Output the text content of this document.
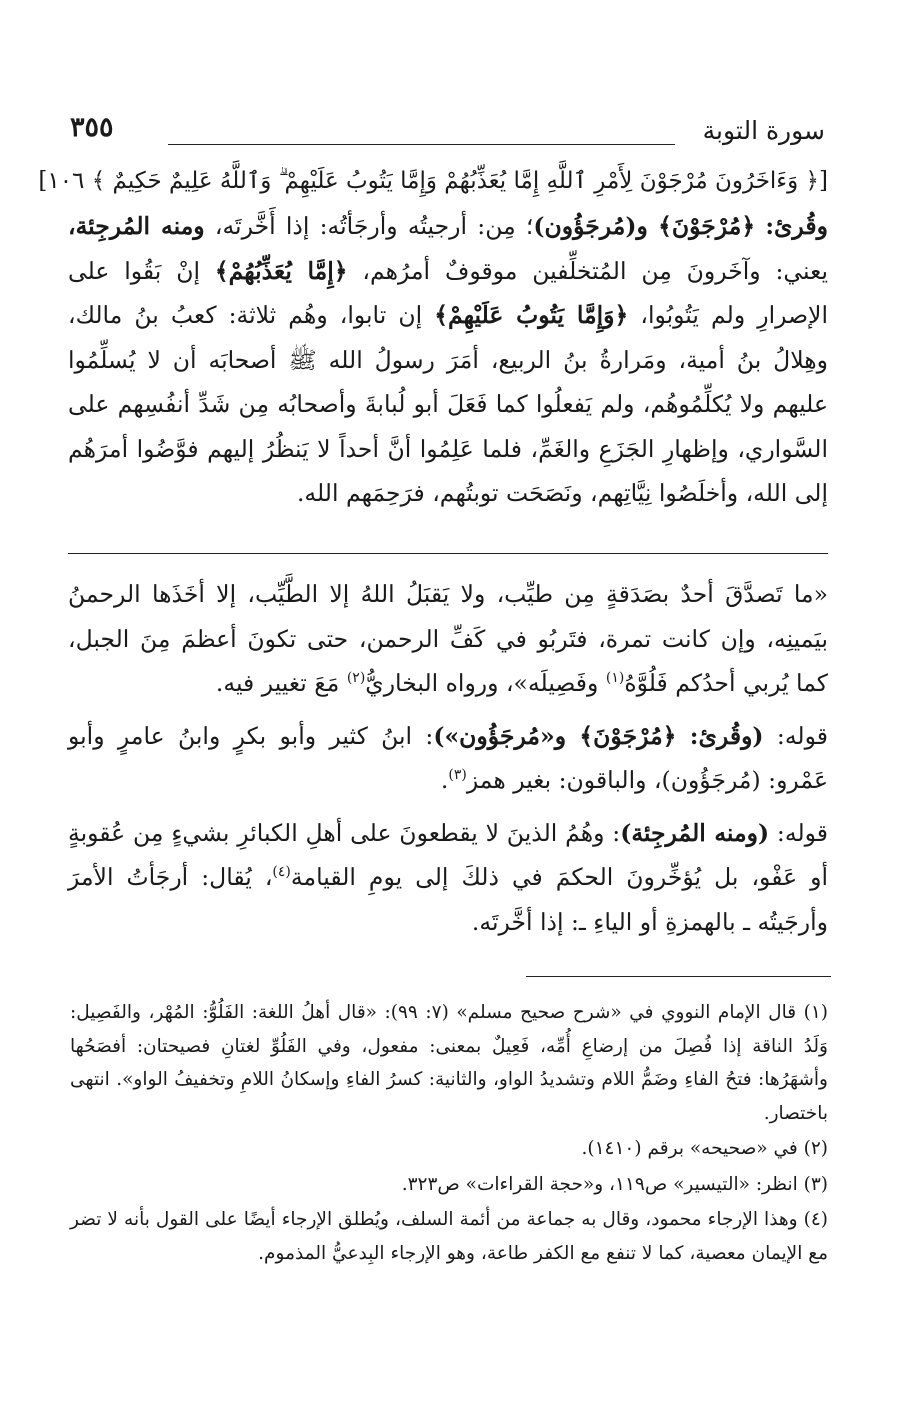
سورة التوبة
٣٥٥

[﴿ وَءَاخَرُونَ مُرْجَوْنَ لِأَمْرِ ٱللَّهِ إِمَّا يُعَذِّبُهُمْ وَإِمَّا يَتُوبُ عَلَيْهِمْ ۗ وَٱللَّهُ عَلِيمٌ حَكِيمٌ ﴾ ١٠٦]

وقُرئ: ﴿مُرْجَوْنَ﴾ و(مُرجَؤُون)؛ مِن: أرجيتُه وأرجَأتُه: إذا أَخَّرتَه، ومنه المُرجِئة، يعني: وآخَرونَ مِن المُتخلِّفين موقوفٌ أمرُهم، ﴿إِمَّا يُعَذِّبُهُمْ﴾ إنْ بَقُوا على الإصرارِ ولم يَتُوبُوا، ﴿وَإِمَّا يَتُوبُ عَلَيْهِمْ﴾ إن تابوا، وهُم ثلاثة: كعبُ بنُ مالك، وهِلالُ بنُ أمية، ومَرارةُ بنُ الربيع، أمَرَ رسولُ الله ﷺ أصحابَه أن لا يُسلِّمُوا عليهم ولا يُكلِّمُوهُم، ولم يَفعلُوا كما فَعَلَ أبو لُبابةَ وأصحابُه مِن شَدِّ أنفُسِهم على السَّواري، وإظهارِ الجَزَعِ والغَمِّ، فلما عَلِمُوا أنَّ أحداً لا يَنظُرُ إليهم فوَّضُوا أمرَهُم إلى الله، وأخلَصُوا نِيَّاتِهم، ونَصَحَت توبتُهم، فرَحِمَهم الله.

«ما تَصدَّقَ أحدٌ بصَدَقةٍ مِن طيِّب، ولا يَقبَلُ اللهُ إلا الطَّيِّب، إلا أخَذَها الرحمنُ بيَمينِه، وإن كانت تمرة، فتَربُو في كَفِّ الرحمن، حتى تكونَ أعظمَ مِنَ الجبل، كما يُربي أحدُكم فَلُوَّهُ$^{(١)}$ وفَصِيلَه»، ورواه البخاريُّ$^{(٢)}$ مَعَ تغيير فيه.

قوله: (وقُرئ: ﴿مُرْجَوْنَ﴾ و«مُرجَؤُون»): ابنُ كثير وأبو بكرٍ وابنُ عامرٍ وأبو عَمْرو: (مُرجَؤُون)، والباقون: بغير همز$^{(٣)}$.

قوله: (ومنه المُرجِئة): وهُمُ الذينَ لا يقطعونَ على أهلِ الكبائرِ بشيءٍ مِن عُقوبةٍ أو عَفْو، بل يُؤخِّرونَ الحكمَ في ذلكَ إلى يومِ القيامة$^{(٤)}$، يُقال: أرجَأتُ الأمرَ وأرجَيتُه ـ بالهمزةِ أو الياءِ ـ: إذا أخَّرتَه.

(١) قال الإمام النووي في «شرح صحيح مسلم» (٧: ٩٩): «قال أهلُ اللغة: الفَلُوُّ: المُهْر، والفَصِيل: وَلَدُ الناقة إذا فُصِلَ من إرضاعِ أُمِّه، فَعِيلٌ بمعنى: مفعول، وفي الفَلُوِّ لغتانِ فصيحتان: أفصَحُها وأشهَرُها: فتحُ الفاءِ وضَمُّ اللام وتشديدُ الواو، والثانية: كسرُ الفاءِ وإسكانُ اللامِ وتخفيفُ الواو». انتهى باختصار.

(٢) في «صحيحه» برقم (١٤١٠).

(٣) انظر: «التيسير» ص١١٩، و«حجة القراءات» ص٣٢٣.

(٤) وهذا الإرجاء محمود، وقال به جماعة من أئمة السلف، ويُطلق الإرجاء أيضًا على القول بأنه لا تضر مع الإيمان معصية، كما لا تنفع مع الكفر طاعة، وهو الإرجاء البِدعيُّ المذموم.
